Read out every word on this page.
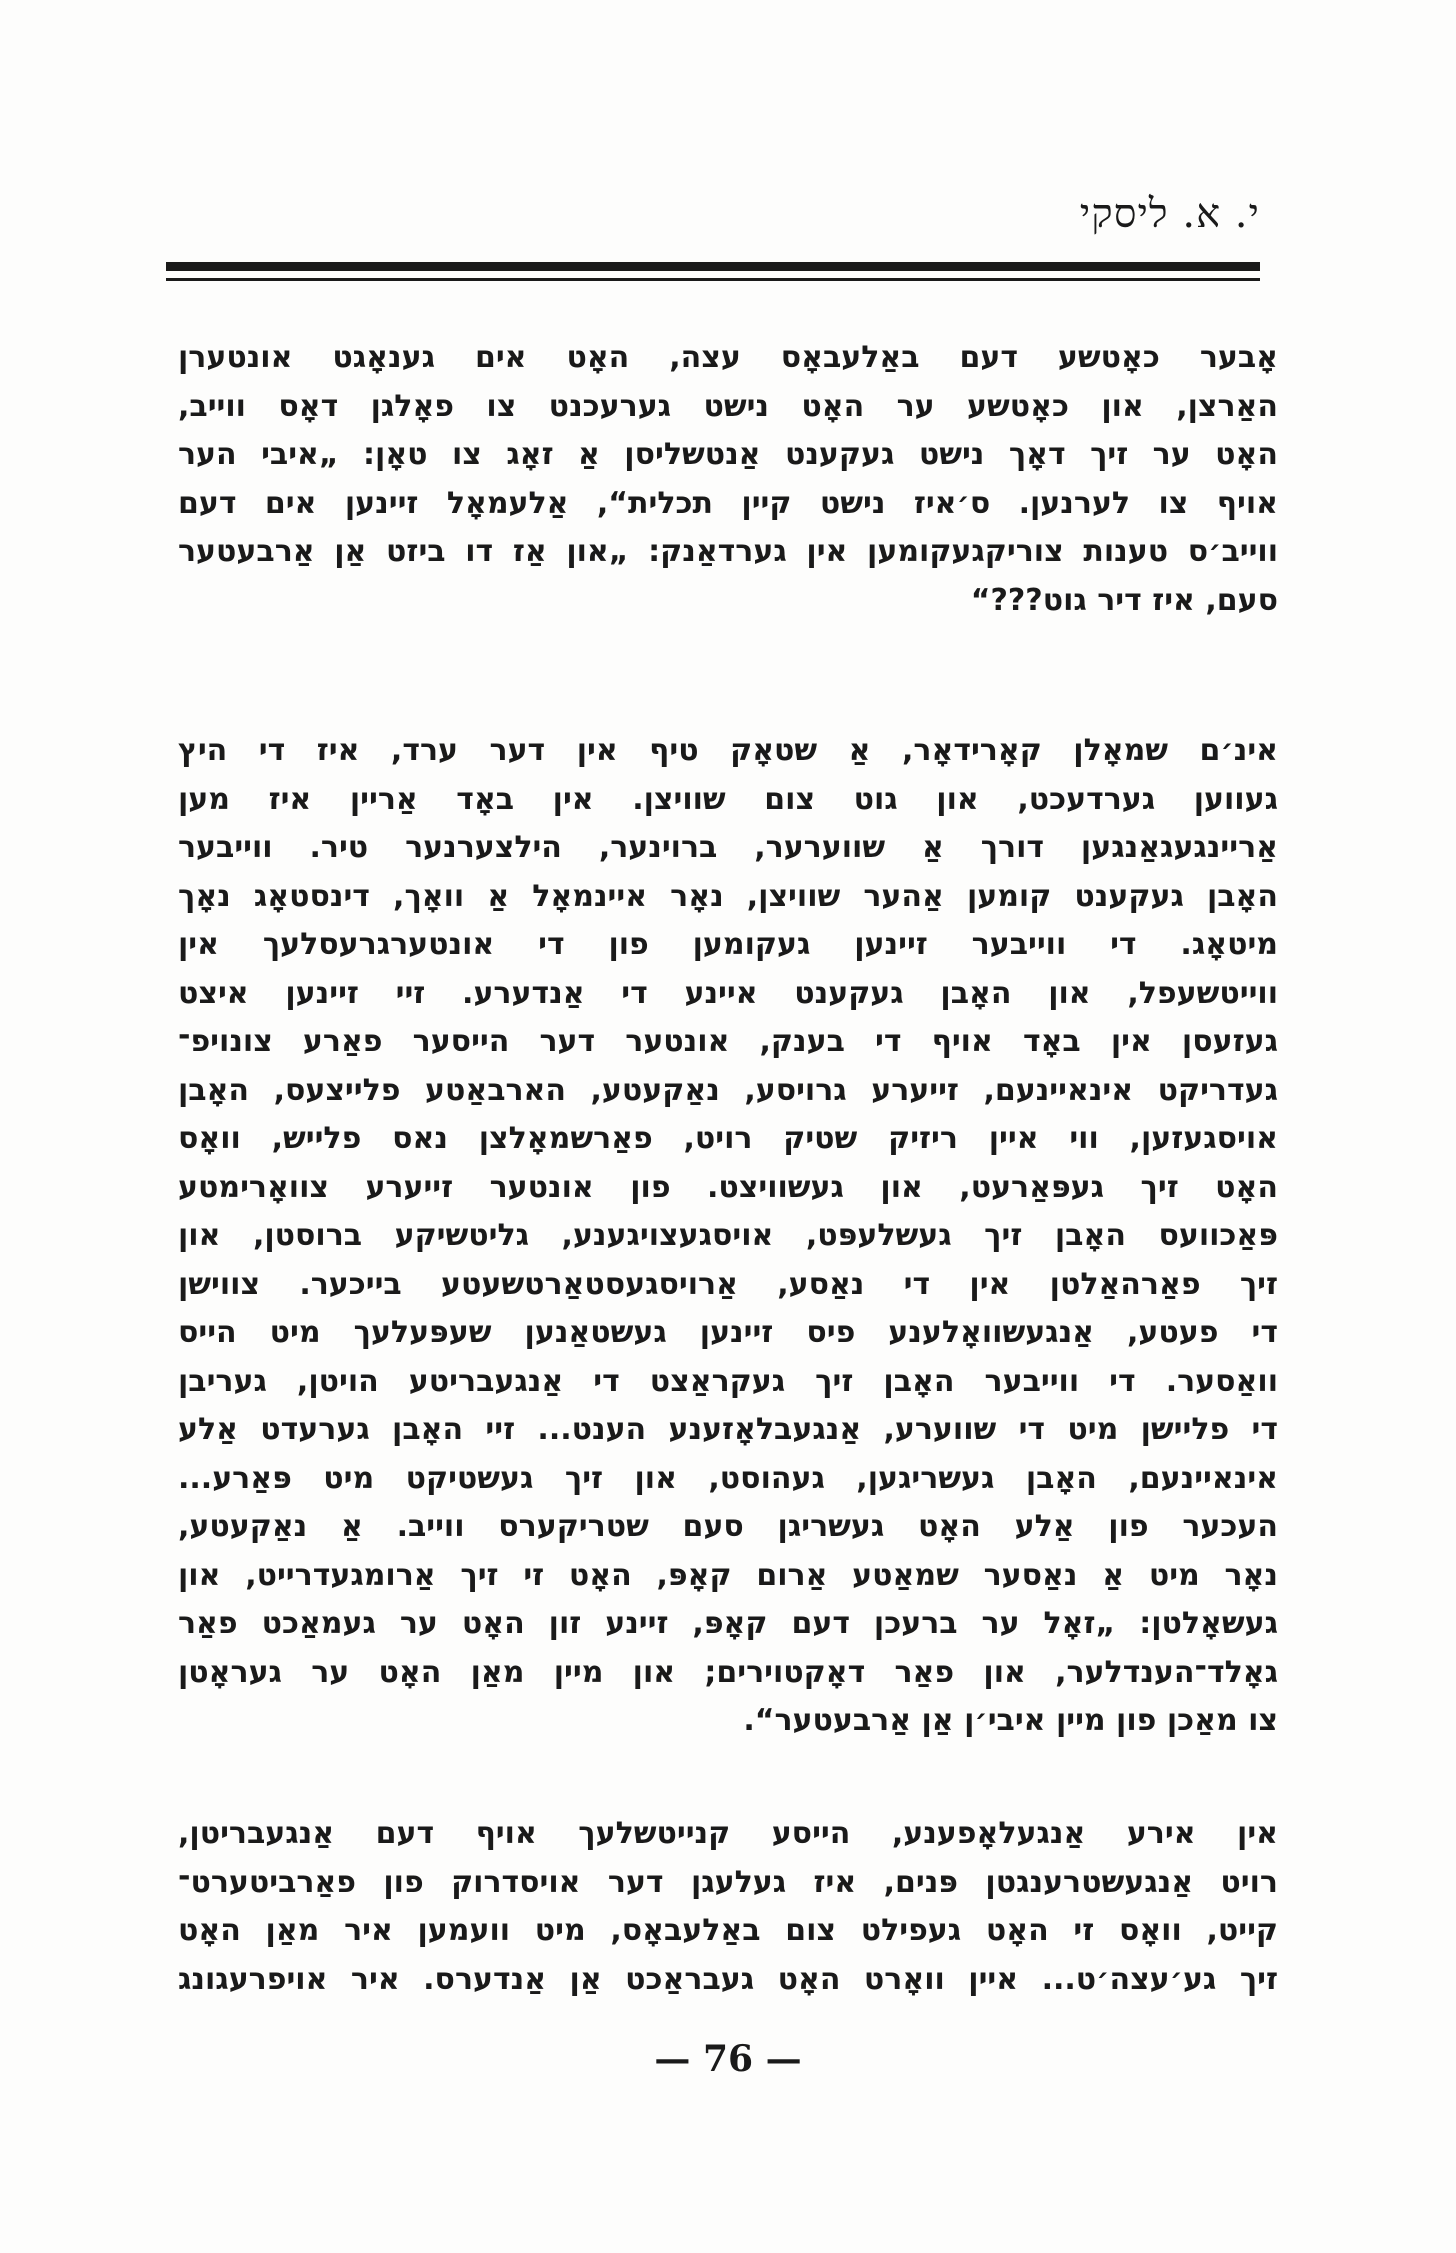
י. א. ליסקי
אָבער כאָטשע דעם באַלעבאָס עצה, האָט אים גענאָגט אונטערן
האַרצן, און כאָטשע ער האָט נישט גערעכנט צו פאָלגן דאָס ווייב,
האָט ער זיך דאָך נישט געקענט אַנטשליסן אַ זאָג צו טאָן: „איבי הער
אויף צו לערנען. ס׳איז נישט קיין תכלית“, אַלעמאָל זיינען אים דעם
ווייב׳ס טענות צוריקגעקומען אין גערדאַנק: „און אַז דו ביזט אַן אַרבעטער
סעם, איז דיר גוט???“
אינ׳ם שמאָלן קאָרידאָר, אַ שטאָק טיף אין דער ערד, איז די היץ
געווען גערדעכט, און גוט צום שוויצן. אין באָד אַריין איז מען
אַריינגעגאַנגען דורך אַ שווערער, ברוינער, הילצערנער טיר. ווייבער
האָבן געקענט קומען אַהער שוויצן, נאָר איינמאָל אַ וואָך, דינסטאָג נאָך
מיטאָג. די ווייבער זיינען געקומען פון די אונטערגרעסלעך אין
ווייטשעפל, און האָבן געקענט איינע די אַנדערע. זיי זיינען איצט
געזעסן אין באָד אויף די בענק, אונטער דער הייסער פאַרע צונויפ־
געדריקט אינאיינעם, זייערע גרויסע, נאַקעטע, הארבאַטע פלייצעס, האָבן
אויסגעזען, ווי איין ריזיק שטיק רויט, פאַרשמאָלצן נאס פלייש, וואָס
האָט זיך געפּאַרעט, און געשוויצט. פון אונטער זייערע צוואָרימטע
פּאַכוועס האָבן זיך געשלעפּט, אויסגעצויגענע, גליטשיקע ברוסטן, און
זיך פאַרהאַלטן אין די נאַסע, אַרויסגעסטאַרטשעטע בייכער. צווישן
די פעטע, אַנגעשוואָלענע פיס זיינען געשטאַנען שעפּעלעך מיט הייס
וואַסער. די ווייבער האָבן זיך געקראַצט די אַנגעבריטע הויטן, געריבן
די פליישן מיט די שווערע, אַנגעבלאָזענע הענט... זיי האָבן גערעדט אַלע
אינאיינעם, האָבן געשריגען, געהוסט, און זיך געשטיקט מיט פּאַרע...
העכער פון אַלע האָט געשריגן סעם שטריקערס ווייב. אַ נאַקעטע,
נאָר מיט אַ נאַסער שמאַטע אַרום קאָפּ, האָט זי זיך אַרומגעדרייט, און
געשאָלטן: „זאָל ער ברעכן דעם קאָפּ, זיינע זון האָט ער געמאַכט פאַר
גאָלד־הענדלער, און פאַר דאָקטוירים; און מיין מאַן האָט ער געראָטן
צו מאַכן פון מיין איבי׳ן אַן אַרבעטער“.
אין אירע אַנגעלאָפענע, הייסע קנייטשלעך אויף דעם אַנגעבריטן,
רויט אַנגעשטרענגטן פּנים, איז געלעגן דער אויסדרוק פון פאַרביטערט־
קייט, וואָס זי האָט געפילט צום באַלעבאָס, מיט וועמען איר מאַן האָט
זיך גע׳עצה׳ט... איין וואָרט האָט געבראַכט אַן אַנדערס. איר אויפרעגונג
— 76 —
